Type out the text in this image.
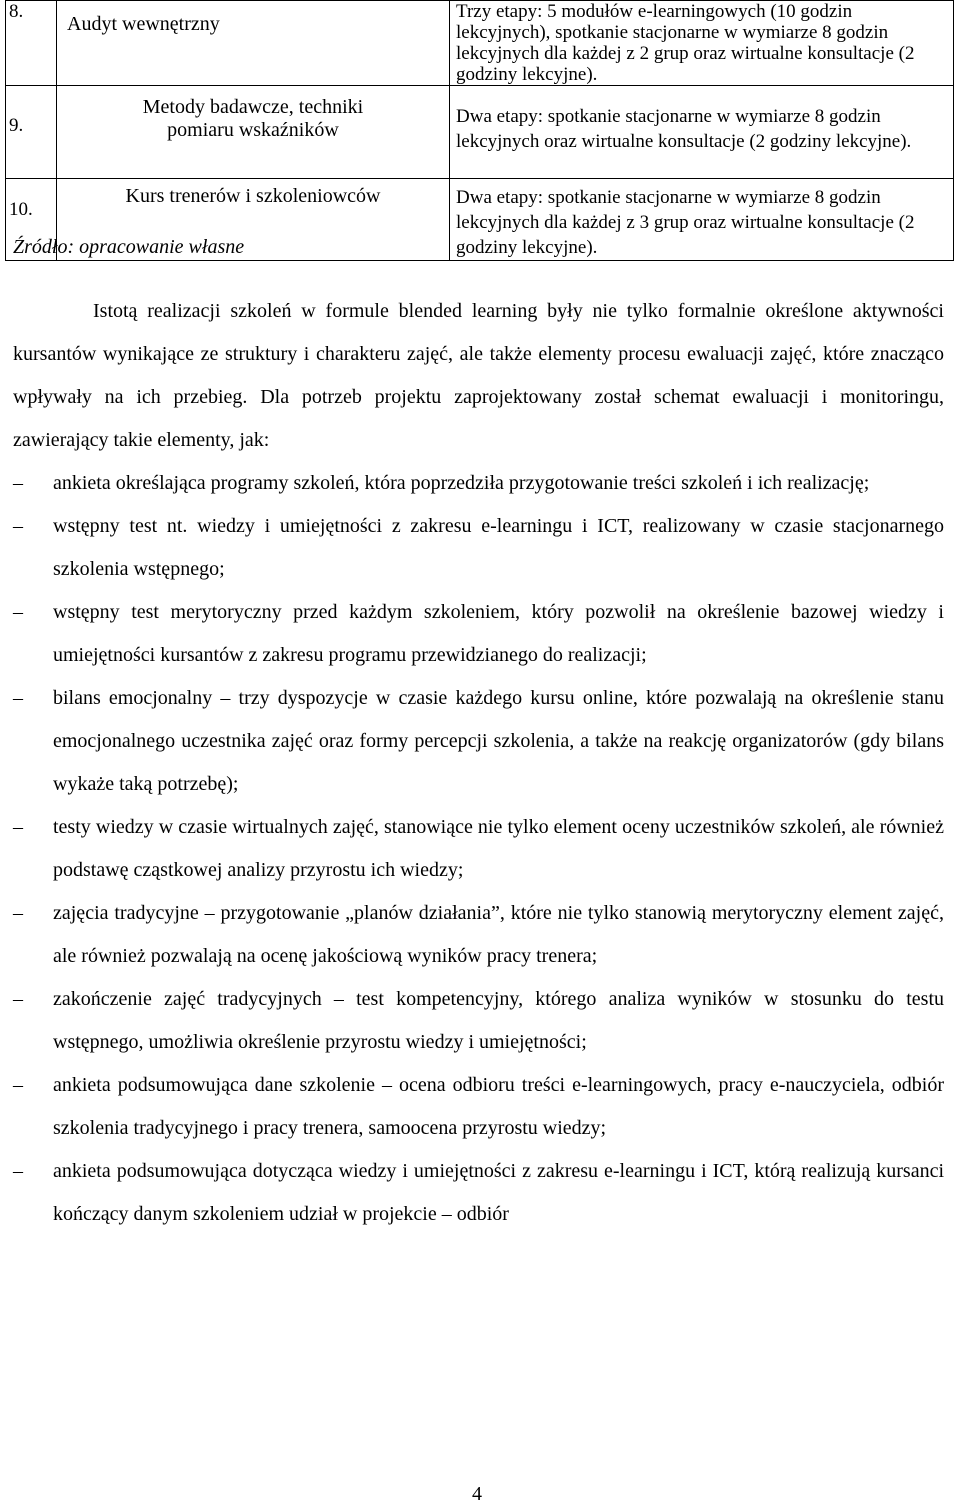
8.	Audyt wewnętrzny	Trzy etapy: 5 modułów e-learningowych (10 godzin lekcyjnych), spotkanie stacjonarne w wymiarze 8 godzin lekcyjnych dla każdej z 2 grup oraz wirtualne konsultacje (2 godziny lekcyjne).
9.	Metody badawcze, techniki pomiaru wskaźników	Dwa etapy: spotkanie stacjonarne w wymiarze 8 godzin lekcyjnych oraz wirtualne konsultacje (2 godziny lekcyjne).
10.	Kurs trenerów i szkoleniowców	Dwa etapy: spotkanie stacjonarne w wymiarze 8 godzin lekcyjnych dla każdej z 3 grup oraz wirtualne konsultacje (2 godziny lekcyjne).
Źródło: opracowanie własne

Istotą realizacji szkoleń w formule blended learning były nie tylko formalnie określone aktywności kursantów wynikające ze struktury i charakteru zajęć, ale także elementy procesu ewaluacji zajęć, które znacząco wpływały na ich przebieg. Dla potrzeb projektu zaprojektowany został schemat ewaluacji i monitoringu, zawierający takie elementy, jak:

–	ankieta określająca programy szkoleń, która poprzedziła przygotowanie treści szkoleń i ich realizację;
–	wstępny test nt. wiedzy i umiejętności z zakresu e-learningu i ICT, realizowany w czasie stacjonarnego szkolenia wstępnego;
–	wstępny test merytoryczny przed każdym szkoleniem, który pozwolił na określenie bazowej wiedzy i umiejętności kursantów z zakresu programu przewidzianego do realizacji;
–	bilans emocjonalny – trzy dyspozycje w czasie każdego kursu online, które pozwalają na określenie stanu emocjonalnego uczestnika zajęć oraz formy percepcji szkolenia, a także na reakcję organizatorów (gdy bilans wykaże taką potrzebę);
–	testy wiedzy w czasie wirtualnych zajęć, stanowiące nie tylko element oceny uczestników szkoleń, ale również podstawę cząstkowej analizy przyrostu ich wiedzy;
–	zajęcia tradycyjne – przygotowanie „planów działania”, które nie tylko stanowią merytoryczny element zajęć, ale również pozwalają na ocenę jakościową wyników pracy trenera;
–	zakończenie zajęć tradycyjnych – test kompetencyjny, którego analiza wyników w stosunku do testu wstępnego, umożliwia określenie przyrostu wiedzy i umiejętności;
–	ankieta podsumowująca dane szkolenie – ocena odbioru treści e-learningowych, pracy e-nauczyciela, odbiór szkolenia tradycyjnego i pracy trenera, samoocena przyrostu wiedzy;
–	ankieta podsumowująca dotycząca wiedzy i umiejętności z zakresu e-learningu i ICT, którą realizują kursanci kończący danym szkoleniem udział w projekcie – odbiór
4
